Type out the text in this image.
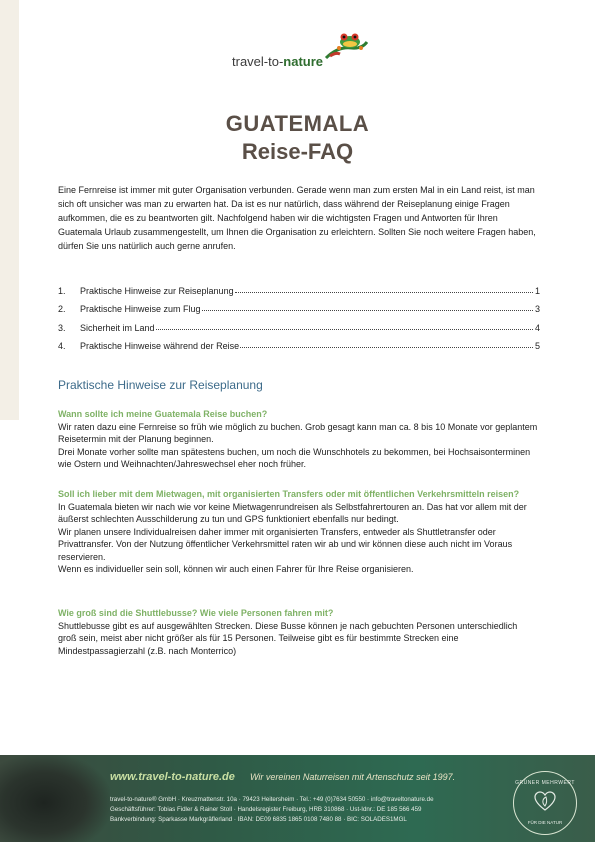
travel-to-nature
GUATEMALA
Reise-FAQ

Eine Fernreise ist immer mit guter Organisation verbunden. Gerade wenn man zum ersten Mal in ein Land reist, ist man sich oft unsicher was man zu erwarten hat. Da ist es nur natürlich, dass während der Reiseplanung einige Fragen aufkommen, die es zu beantworten gilt. Nachfolgend haben wir die wichtigsten Fragen und Antworten für Ihren Guatemala Urlaub zusammengestellt, um Ihnen die Organisation zu erleichtern. Sollten Sie noch weitere Fragen haben, dürfen Sie uns natürlich auch gerne anrufen.

1.	Praktische Hinweise zur Reiseplanung	1
2.	Praktische Hinweise zum Flug	3
3.	Sicherheit im Land	4
4.	Praktische Hinweise während der Reise	5
Praktische Hinweise zur Reiseplanung
Wann sollte ich meine Guatemala Reise buchen?
Wir raten dazu eine Fernreise so früh wie möglich zu buchen. Grob gesagt kann man ca. 8 bis 10 Monate vor geplantem Reisetermin mit der Planung beginnen.
Drei Monate vorher sollte man spätestens buchen, um noch die Wunschhotels zu bekommen, bei Hochsaisonterminen wie Ostern und Weihnachten/Jahreswechsel eher noch früher.
Soll ich lieber mit dem Mietwagen, mit organisierten Transfers oder mit öffentlichen Verkehrsmitteln reisen?
In Guatemala bieten wir nach wie vor keine Mietwagenrundreisen als Selbstfahrertouren an. Das hat vor allem mit der äußerst schlechten Ausschilderung zu tun und GPS funktioniert ebenfalls nur bedingt.
Wir planen unsere Individualreisen daher immer mit organisierten Transfers, entweder als Shuttletransfer oder Privattransfer. Von der Nutzung öffentlicher Verkehrsmittel raten wir ab und wir können diese auch nicht im Voraus reservieren.
Wenn es individueller sein soll, können wir auch einen Fahrer für Ihre Reise organisieren.
Wie groß sind die Shuttlebusse? Wie viele Personen fahren mit?
Shuttlebusse gibt es auf ausgewählten Strecken. Diese Busse können je nach gebuchten Personen unterschiedlich groß sein, meist aber nicht größer als für 15 Personen. Teilweise gibt es für bestimmte Strecken eine Mindestpassagierzahl (z.B. nach Monterrico)
www.travel-to-nature.de Wir vereinen Naturreisen mit Artenschutz seit 1997.
travel-to-nature® GmbH · Kreuzmattenstr. 10a · 79423 Heitersheim · Tel.: +49 (0)7634 50550 · info@traveltonature.de
Geschäftsführer: Tobias Fidler & Rainer Stoll · Handelsregister Freiburg, HRB 310868 · Ust-Idnr.: DE 185 566 459
Bankverbindung: Sparkasse Markgräflerland · IBAN: DE09 6835 1865 0108 7480 88 · BIC: SOLADES1MGL
GRÜNER MEHRWERT
FÜR DIE NATUR
